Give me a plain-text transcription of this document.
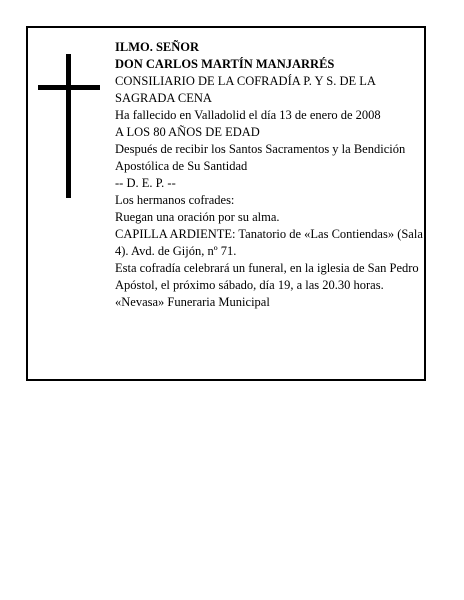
ILMO. SEÑOR
DON CARLOS MARTÍN MANJARRÉS
CONSILIARIO DE LA COFRADÍA P. Y S. DE LA SAGRADA CENA
Ha fallecido en Valladolid el día 13 de enero de 2008
A LOS 80 AÑOS DE EDAD
Después de recibir los Santos Sacramentos y la Bendición Apostólica de Su Santidad
-- D. E. P. --
Los hermanos cofrades:
Ruegan una oración por su alma.
CAPILLA ARDIENTE: Tanatorio de «Las Contiendas» (Sala 4). Avd. de Gijón, nº 71.
Esta cofradía celebrará un funeral, en la iglesia de San Pedro Apóstol, el próximo sábado, día 19, a las 20.30 horas.
«Nevasa» Funeraria Municipal
